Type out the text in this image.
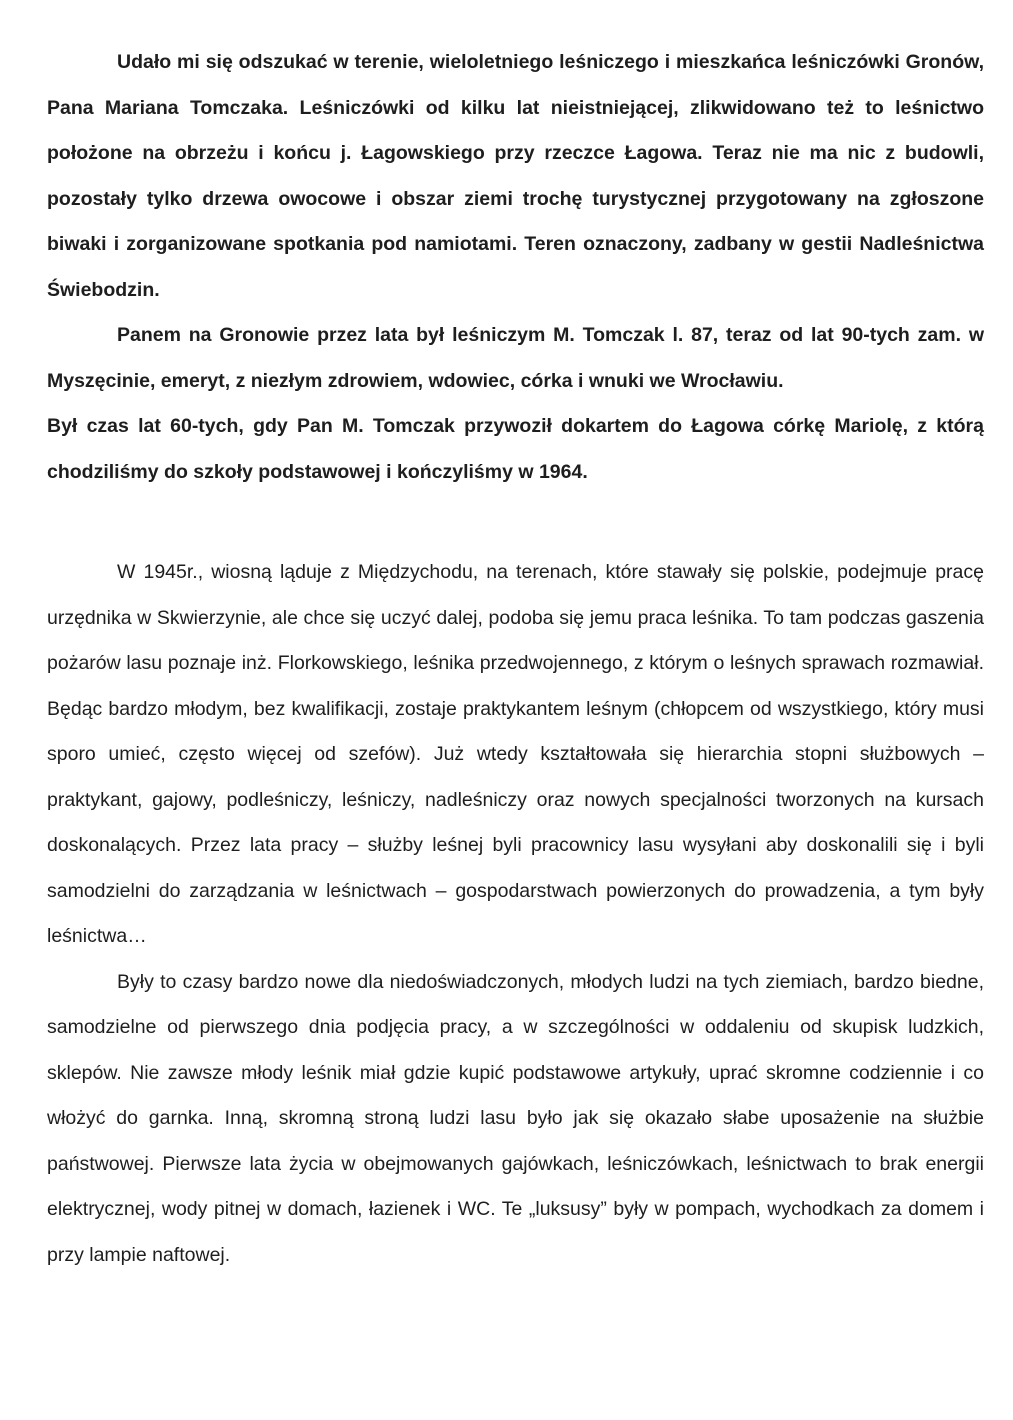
Udało mi się odszukać w terenie, wieloletniego leśniczego i mieszkańca leśniczówki Gronów, Pana Mariana Tomczaka. Leśniczówki od kilku lat nieistniejącej, zlikwidowano też to leśnictwo położone na obrzeżu i końcu j. Łagowskiego przy rzeczce Łagowa. Teraz nie ma nic z budowli, pozostały tylko drzewa owocowe i obszar ziemi trochę turystycznej przygotowany na zgłoszone biwaki i zorganizowane spotkania pod namiotami. Teren oznaczony, zadbany w gestii Nadleśnictwa Świebodzin.

Panem na Gronowie przez lata był leśniczym M. Tomczak l. 87, teraz od lat 90-tych zam. w Myszęcinie, emeryt, z niezłym zdrowiem, wdowiec, córka i wnuki we Wrocławiu.

Był czas lat 60-tych, gdy Pan M. Tomczak przywoził dokartem do Łagowa córkę Mariolę, z którą chodziliśmy do szkoły podstawowej i kończyliśmy w 1964.

W 1945r., wiosną ląduje z Międzychodu, na terenach, które stawały się polskie, podejmuje pracę urzędnika w Skwierzynie, ale chce się uczyć dalej, podoba się jemu praca leśnika. To tam podczas gaszenia pożarów lasu poznaje inż. Florkowskiego, leśnika przedwojennego, z którym o leśnych sprawach rozmawiał. Będąc bardzo młodym, bez kwalifikacji, zostaje praktykantem leśnym (chłopcem od wszystkiego, który musi sporo umieć, często więcej od szefów). Już wtedy kształtowała się hierarchia stopni służbowych – praktykant, gajowy, podleśniczy, leśniczy, nadleśniczy oraz nowych specjalności tworzonych na kursach doskonalących. Przez lata pracy – służby leśnej byli pracownicy lasu wysyłani aby doskonalili się i byli samodzielni do zarządzania w leśnictwach – gospodarstwach powierzonych do prowadzenia, a tym były leśnictwa…

Były to czasy bardzo nowe dla niedoświadczonych, młodych ludzi na tych ziemiach, bardzo biedne, samodzielne od pierwszego dnia podjęcia pracy, a w szczególności w oddaleniu od skupisk ludzkich, sklepów. Nie zawsze młody leśnik miał gdzie kupić podstawowe artykuły, uprać skromne codziennie i co włożyć do garnka. Inną, skromną stroną ludzi lasu było jak się okazało słabe uposażenie na służbie państwowej. Pierwsze lata życia w obejmowanych gajówkach, leśniczówkach, leśnictwach to brak energii elektrycznej, wody pitnej w domach, łazienek i WC. Te „luksusy” były w pompach, wychodkach za domem i przy lampie naftowej.
